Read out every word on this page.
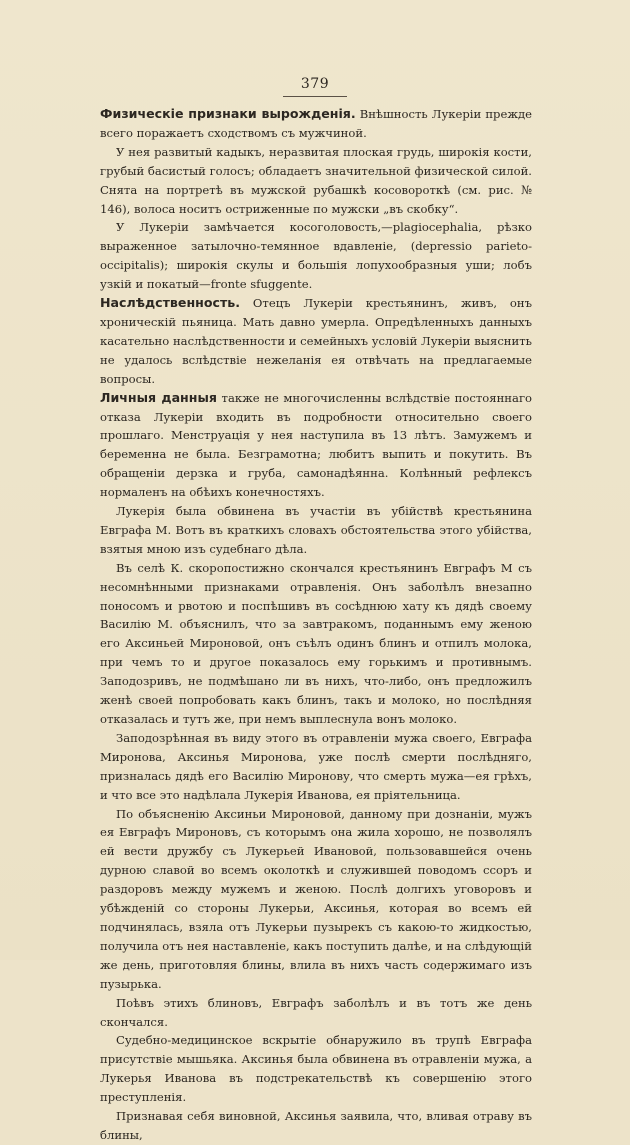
379

Физическіе признаки вырожденія. Внѣшность Лукеріи прежде всего поражаетъ сходствомъ съ мужчиной.

У нея развитый кадыкъ, неразвитая плоская грудь, широкія кости, грубый басистый голосъ; обладаетъ значительной физической силой. Снята на портретѣ въ мужской рубашкѣ косовороткѣ (см. рис. № 146), волоса носитъ остриженные по мужски „въ скобку“.

У Лукеріи замѣчается косоголовость,—plagiocephalia, рѣзко выраженное затылочно-темянное вдавленіе, (depressio parieto-occipitalis); широкія скулы и большія лопухообразныя уши; лобъ узкій и покатый—fronte sfuggente.

Наслѣдственность. Отецъ Лукеріи крестьянинъ, живъ, онъ хроническій пьяница. Мать давно умерла. Опредѣленныхъ данныхъ касательно наслѣдственности и семейныхъ условій Лукеріи выяснить не удалось вслѣдствіе нежеланія ея отвѣчать на предлагаемые вопросы.

Личныя данныя также не многочисленны вслѣдствіе постояннаго отказа Лукеріи входить въ подробности относительно своего прошлаго. Менструація у нея наступила въ 13 лѣтъ. Замужемъ и беременна не была. Безграмотна; любитъ выпить и покутить. Въ обращеніи дерзка и груба, самонадѣянна. Колѣнный рефлексъ нормаленъ на обѣихъ конечностяхъ.

Лукерія была обвинена въ участіи въ убійствѣ крестьянина Евграфа М. Вотъ въ краткихъ словахъ обстоятельства этого убійства, взятыя мною изъ судебнаго дѣла.

Въ селѣ К. скоропостижно скончался крестьянинъ Евграфъ М съ несомнѣнными признаками отравленія. Онъ заболѣлъ внезапно поносомъ и рвотою и поспѣшивъ въ сосѣднюю хату къ дядѣ своему Василію М. объяснилъ, что за завтракомъ, поданнымъ ему женою его Аксиньей Мироновой, онъ съѣлъ одинъ блинъ и отпилъ молока, при чемъ то и другое показалось ему горькимъ и противнымъ. Заподозривъ, не подмѣшано ли въ нихъ, что-либо, онъ предложилъ женѣ своей попробовать какъ блинъ, такъ и молоко, но послѣдняя отказалась и тутъ же, при немъ выплеснула вонъ молоко.

Заподозрѣнная въ виду этого въ отравленіи мужа своего, Евграфа Миронова, Аксинья Миронова, уже послѣ смерти послѣдняго, призналась дядѣ его Василію Миронову, что смерть мужа—ея грѣхъ, и что все это надѣлала Лукерія Иванова, ея пріятельница.

По объясненію Аксиньи Мироновой, данному при дознаніи, мужъ ея Евграфъ Мироновъ, съ которымъ она жила хорошо, не позволялъ ей вести дружбу съ Лукерьей Ивановой, пользовавшейся очень дурною славой во всемъ околоткѣ и служившей поводомъ ссоръ и раздоровъ между мужемъ и женою. Послѣ долгихъ уговоровъ и убѣжденій со стороны Лукерьи, Аксинья, которая во всемъ ей подчинялась, взяла отъ Лукерьи пузырекъ съ какою-то жидкостью, получила отъ нея наставленіе, какъ поступить далѣе, и на слѣдующій же день, приготовляя блины, влила въ нихъ часть содержимаго изъ пузырька.

Поѣвъ этихъ блиновъ, Евграфъ заболѣлъ и въ тотъ же день скончался.

Судебно-медицинское вскрытіе обнаружило въ трупѣ Евграфа присутствіе мышьяка. Аксинья была обвинена въ отравленіи мужа, а Лукерья Иванова въ подстрекательствѣ къ совершенію этого преступленія.

Признавая себя виновной, Аксинья заявила, что, вливая отраву въ блины,
